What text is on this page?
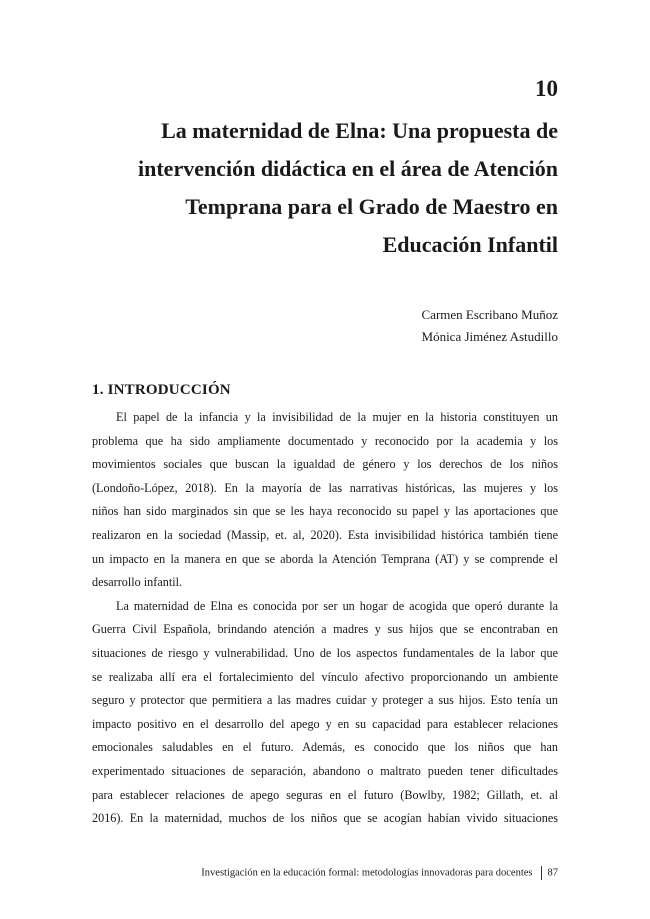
10
La maternidad de Elna: Una propuesta de
intervención didáctica en el área de Atención
Temprana para el Grado de Maestro en
Educación Infantil
Carmen Escribano Muñoz
Mónica Jiménez Astudillo
1. INTRODUCCIÓN

El papel de la infancia y la invisibilidad de la mujer en la historia constituyen un
problema que ha sido ampliamente documentado y reconocido por la academia y los
movimientos sociales que buscan la igualdad de género y los derechos de los niños
(Londoño-López, 2018). En la mayoría de las narrativas históricas, las mujeres y los
niños han sido marginados sin que se les haya reconocido su papel y las aportaciones que
realizaron en la sociedad (Massip, et. al, 2020). Esta invisibilidad histórica también tiene
un impacto en la manera en que se aborda la Atención Temprana (AT) y se comprende el
desarrollo infantil.

La maternidad de Elna es conocida por ser un hogar de acogida que operó durante la
Guerra Civil Española, brindando atención a madres y sus hijos que se encontraban en
situaciones de riesgo y vulnerabilidad. Uno de los aspectos fundamentales de la labor que
se realizaba allí era el fortalecimiento del vínculo afectivo proporcionando un ambiente
seguro y protector que permitiera a las madres cuidar y proteger a sus hijos. Esto tenía un
impacto positivo en el desarrollo del apego y en su capacidad para establecer relaciones
emocionales saludables en el futuro. Además, es conocido que los niños que han
experimentado situaciones de separación, abandono o maltrato pueden tener dificultades
para establecer relaciones de apego seguras en el futuro (Bowlby, 1982; Gillath, et. al
2016). En la maternidad, muchos de los niños que se acogían habían vivido situaciones

Investigación en la educación formal: metodologías innovadoras para docentes 87
